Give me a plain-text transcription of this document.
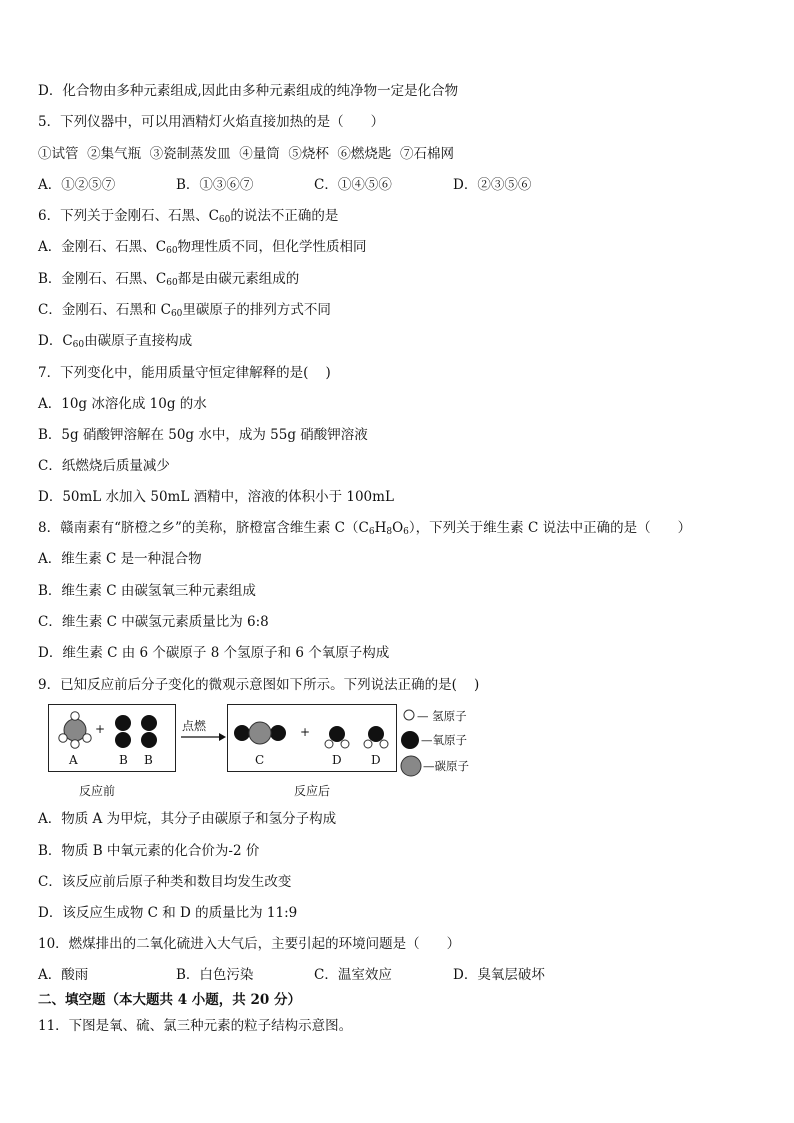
D．化合物由多种元素组成,因此由多种元素组成的纯净物一定是化合物
5．下列仪器中，可以用酒精灯火焰直接加热的是（　　）
①试管  ②集气瓶  ③瓷制蒸发皿  ④量筒  ⑤烧杯  ⑥燃烧匙  ⑦石棉网
A．①②⑤⑦	B．①③⑥⑦	C．①④⑤⑥	D．②③⑤⑥
6．下列关于金刚石、石黑、$C_{60}$的说法不正确的是
A．金刚石、石黑、$C_{60}$物理性质不同，但化学性质相同
B．金刚石、石黑、$C_{60}$都是由碳元素组成的
C．金刚石、石黑和 $C_{60}$里碳原子的排列方式不同
D．$C_{60}$由碳原子直接构成
7．下列变化中，能用质量守恒定律解释的是(    )
A．10g 冰溶化成 10g 的水
B．5g 硝酸钾溶解在 50g 水中，成为 55g 硝酸钾溶液
C．纸燃烧后质量减少
D．50mL 水加入 50mL 酒精中，溶液的体积小于 100mL
8．赣南素有“脐橙之乡”的美称，脐橙富含维生素 $C(C_6H_8O_6)$，下列关于维生素 C 说法中正确的是（　　）
A．维生素 C 是一种混合物
B．维生素 C 由碳氢氧三种元素组成
C．维生素 C 中碳氢元素质量比为 6:8
D．维生素 C 由 6 个碳原子 8 个氢原子和 6 个氧原子构成
9．已知反应前后分子变化的微观示意图如下所示。下列说法正确的是(    )
+
A	B B
点燃	+
C	D D
反应前	反应后
— 氢原子
—氧原子
—碳原子
A．物质 A 为甲烷，其分子由碳原子和氢分子构成
B．物质 B 中氧元素的化合价为-2 价
C．该反应前后原子种类和数目均发生改变
D．该反应生成物 C 和 D 的质量比为 11:9
10．燃煤排出的二氧化硫进入大气后，主要引起的环境问题是（　　）
A．酸雨	B．白色污染	C．温室效应	D．臭氧层破坏
二、填空题（本大题共 4 小题，共 20 分）
11．下图是氧、硫、氯三种元素的粒子结构示意图。
